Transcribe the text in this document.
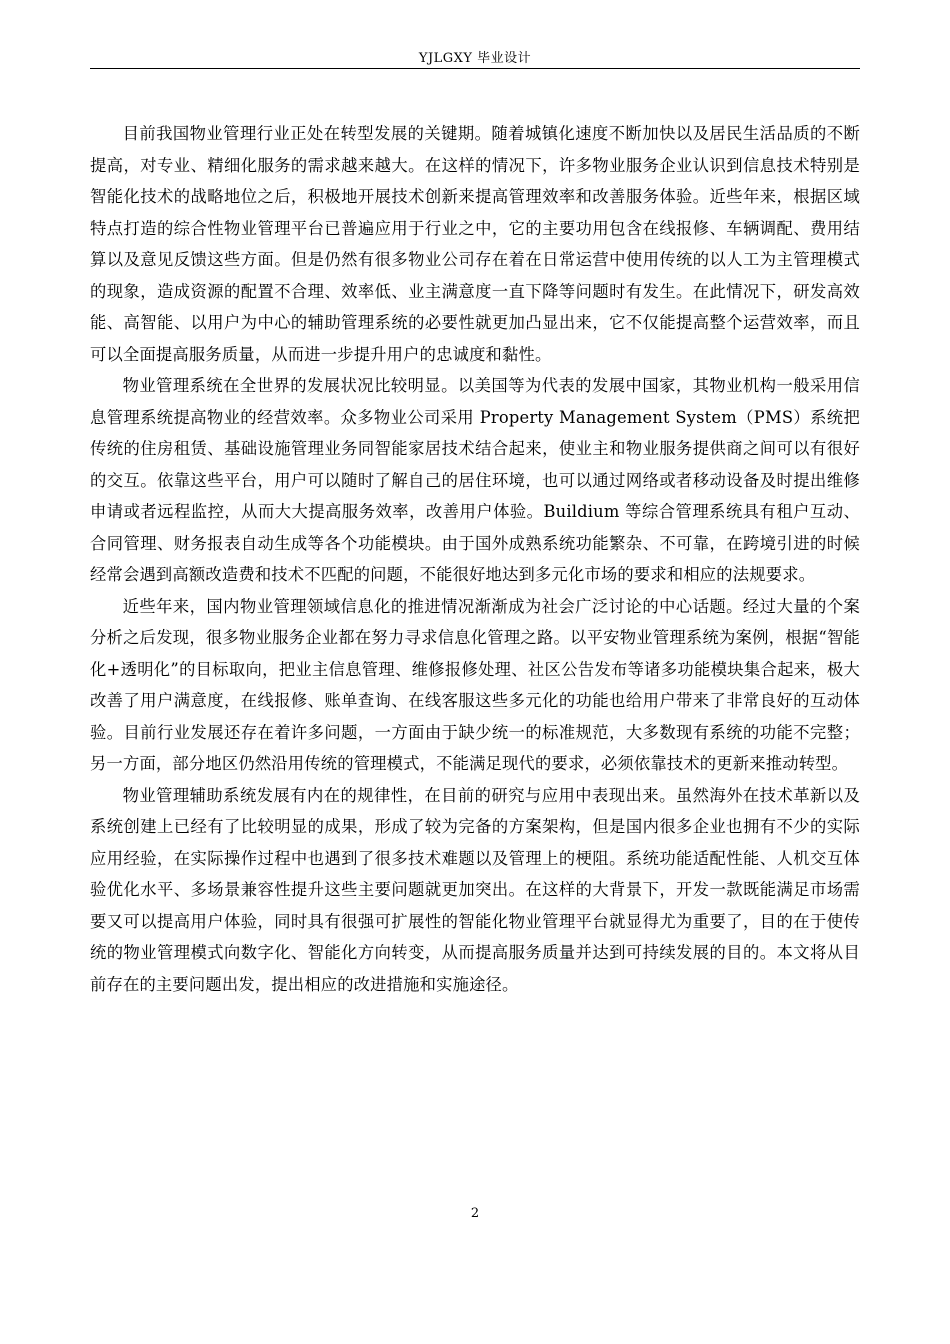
YJLGXY 毕业设计

目前我国物业管理行业正处在转型发展的关键期。随着城镇化速度不断加快以及居民生活品质的不断提高，对专业、精细化服务的需求越来越大。在这样的情况下，许多物业服务企业认识到信息技术特别是智能化技术的战略地位之后，积极地开展技术创新来提高管理效率和改善服务体验。近些年来，根据区域特点打造的综合性物业管理平台已普遍应用于行业之中，它的主要功用包含在线报修、车辆调配、费用结算以及意见反馈这些方面。但是仍然有很多物业公司存在着在日常运营中使用传统的以人工为主管理模式的现象，造成资源的配置不合理、效率低、业主满意度一直下降等问题时有发生。在此情况下，研发高效能、高智能、以用户为中心的辅助管理系统的必要性就更加凸显出来，它不仅能提高整个运营效率，而且可以全面提高服务质量，从而进一步提升用户的忠诚度和黏性。

物业管理系统在全世界的发展状况比较明显。以美国等为代表的发展中国家，其物业机构一般采用信息管理系统提高物业的经营效率。众多物业公司采用 Property Management System（PMS）系统把传统的住房租赁、基础设施管理业务同智能家居技术结合起来，使业主和物业服务提供商之间可以有很好的交互。依靠这些平台，用户可以随时了解自己的居住环境，也可以通过网络或者移动设备及时提出维修申请或者远程监控，从而大大提高服务效率，改善用户体验。Buildium 等综合管理系统具有租户互动、合同管理、财务报表自动生成等各个功能模块。由于国外成熟系统功能繁杂、不可靠，在跨境引进的时候经常会遇到高额改造费和技术不匹配的问题，不能很好地达到多元化市场的要求和相应的法规要求。

近些年来，国内物业管理领域信息化的推进情况渐渐成为社会广泛讨论的中心话题。经过大量的个案分析之后发现，很多物业服务企业都在努力寻求信息化管理之路。以平安物业管理系统为案例，根据“智能化+透明化”的目标取向，把业主信息管理、维修报修处理、社区公告发布等诸多功能模块集合起来，极大改善了用户满意度，在线报修、账单查询、在线客服这些多元化的功能也给用户带来了非常良好的互动体验。目前行业发展还存在着许多问题，一方面由于缺少统一的标准规范，大多数现有系统的功能不完整；另一方面，部分地区仍然沿用传统的管理模式，不能满足现代的要求，必须依靠技术的更新来推动转型。

物业管理辅助系统发展有内在的规律性，在目前的研究与应用中表现出来。虽然海外在技术革新以及系统创建上已经有了比较明显的成果，形成了较为完备的方案架构，但是国内很多企业也拥有不少的实际应用经验，在实际操作过程中也遇到了很多技术难题以及管理上的梗阻。系统功能适配性能、人机交互体验优化水平、多场景兼容性提升这些主要问题就更加突出。在这样的大背景下，开发一款既能满足市场需要又可以提高用户体验，同时具有很强可扩展性的智能化物业管理平台就显得尤为重要了，目的在于使传统的物业管理模式向数字化、智能化方向转变，从而提高服务质量并达到可持续发展的目的。本文将从目前存在的主要问题出发，提出相应的改进措施和实施途径。

2
